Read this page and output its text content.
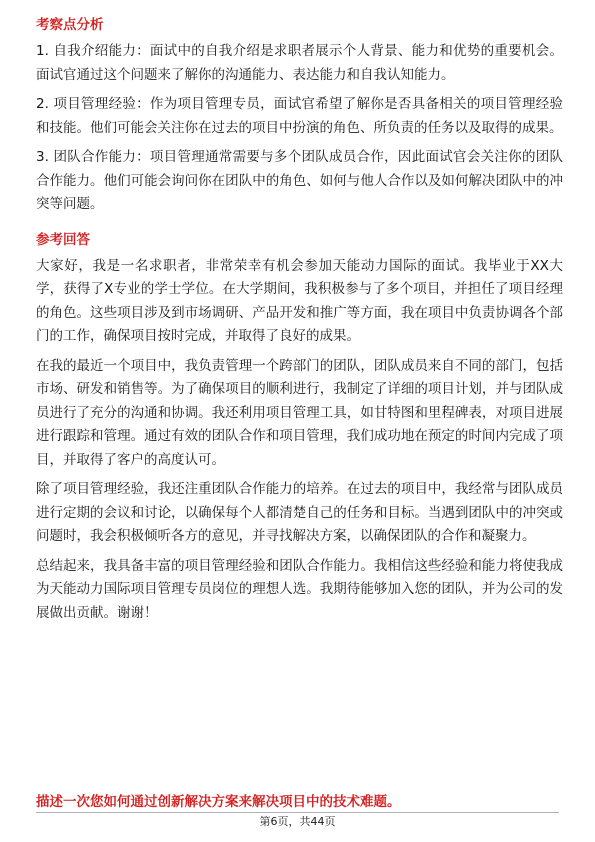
考察点分析
1. 自我介绍能力：面试中的自我介绍是求职者展示个人背景、能力和优势的重要机会。面试官通过这个问题来了解你的沟通能力、表达能力和自我认知能力。
2. 项目管理经验：作为项目管理专员，面试官希望了解你是否具备相关的项目管理经验和技能。他们可能会关注你在过去的项目中扮演的角色、所负责的任务以及取得的成果。
3. 团队合作能力：项目管理通常需要与多个团队成员合作，因此面试官会关注你的团队合作能力。他们可能会询问你在团队中的角色、如何与他人合作以及如何解决团队中的冲突等问题。
参考回答
大家好，我是一名求职者，非常荣幸有机会参加天能动力国际的面试。我毕业于XX大学，获得了X专业的学士学位。在大学期间，我积极参与了多个项目，并担任了项目经理的角色。这些项目涉及到市场调研、产品开发和推广等方面，我在项目中负责协调各个部门的工作，确保项目按时完成，并取得了良好的成果。
在我的最近一个项目中，我负责管理一个跨部门的团队，团队成员来自不同的部门，包括市场、研发和销售等。为了确保项目的顺利进行，我制定了详细的项目计划，并与团队成员进行了充分的沟通和协调。我还利用项目管理工具，如甘特图和里程碑表，对项目进展进行跟踪和管理。通过有效的团队合作和项目管理，我们成功地在预定的时间内完成了项目，并取得了客户的高度认可。
除了项目管理经验，我还注重团队合作能力的培养。在过去的项目中，我经常与团队成员进行定期的会议和讨论，以确保每个人都清楚自己的任务和目标。当遇到团队中的冲突或问题时，我会积极倾听各方的意见，并寻找解决方案，以确保团队的合作和凝聚力。
总结起来，我具备丰富的项目管理经验和团队合作能力。我相信这些经验和能力将使我成为天能动力国际项目管理专员岗位的理想人选。我期待能够加入您的团队，并为公司的发展做出贡献。谢谢！
描述一次您如何通过创新解决方案来解决项目中的技术难题。
第6页，共44页
